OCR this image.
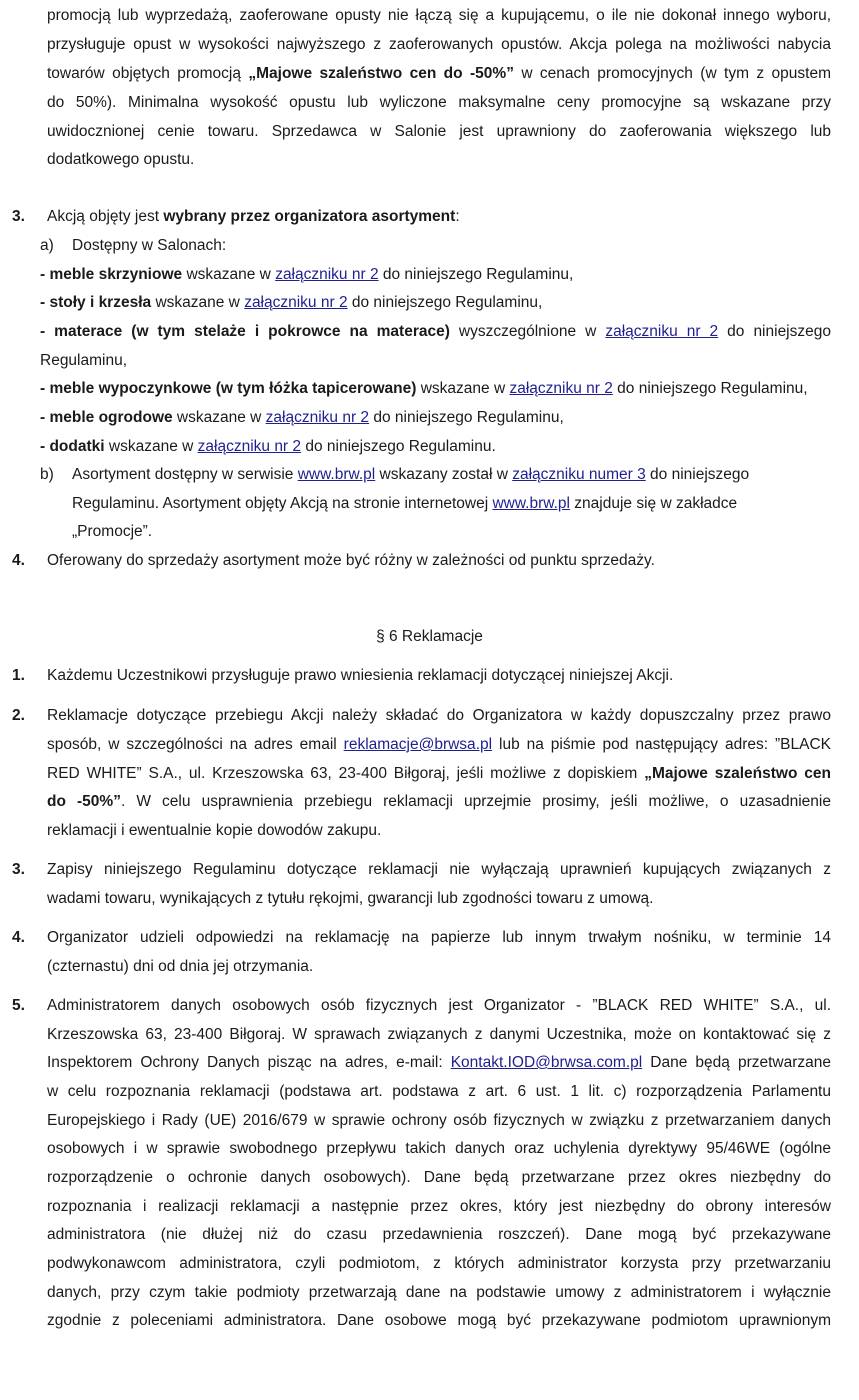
promocją lub wyprzedażą, zaoferowane opusty nie łączą się a kupującemu, o ile nie dokonał innego wyboru,
przysługuje opust w wysokości najwyższego z zaoferowanych opustów. Akcja polega na możliwości nabycia
towarów objętych promocją „Majowe szaleństwo cen do -50%” w cenach promocyjnych (w tym z opustem
do 50%). Minimalna wysokość opustu lub wyliczone maksymalne ceny promocyjne są wskazane przy
uwidocznionej cenie towaru. Sprzedawca w Salonie jest uprawniony do zaoferowania większego lub
dodatkowego opustu.
3.	Akcją objęty jest wybrany przez organizatora asortyment:
a) Dostępny w Salonach:
- meble skrzyniowe wskazane w załączniku nr 2 do niniejszego Regulaminu,
- stoły i krzesła wskazane w załączniku nr 2 do niniejszego Regulaminu,
- materace (w tym stelaże i pokrowce na materace) wyszczególnione w załączniku nr 2 do niniejszego
Regulaminu,
- meble wypoczynkowe (w tym łóżka tapicerowane) wskazane w załączniku nr 2 do niniejszego Regulaminu,
- meble ogrodowe wskazane w załączniku nr 2 do niniejszego Regulaminu,
- dodatki wskazane w załączniku nr 2 do niniejszego Regulaminu.
b) Asortyment dostępny w serwisie www.brw.pl wskazany został w załączniku numer 3 do niniejszego
Regulaminu. Asortyment objęty Akcją na stronie internetowej www.brw.pl znajduje się w zakładce
„Promocje”.
4.	Oferowany do sprzedaży asortyment może być różny w zależności od punktu sprzedaży.
§ 6 Reklamacje
1.	Każdemu Uczestnikowi przysługuje prawo wniesienia reklamacji dotyczącej niniejszej Akcji.
2.	Reklamacje dotyczące przebiegu Akcji należy składać do Organizatora w każdy dopuszczalny przez prawo
sposób, w szczególności na adres email reklamacje@brwsa.pl lub na piśmie pod następujący adres: ”BLACK
RED WHITE” S.A., ul. Krzeszowska 63, 23-400 Biłgoraj, jeśli możliwe z dopiskiem „Majowe szaleństwo cen
do -50%”. W celu usprawnienia przebiegu reklamacji uprzejmie prosimy, jeśli możliwe, o uzasadnienie
reklamacji i ewentualnie kopie dowodów zakupu.
3.	Zapisy niniejszego Regulaminu dotyczące reklamacji nie wyłączają uprawnień kupujących związanych z
wadami towaru, wynikających z tytułu rękojmi, gwarancji lub zgodności towaru z umową.
4.	Organizator udzieli odpowiedzi na reklamację na papierze lub innym trwałym nośniku, w terminie 14
(czternastu) dni od dnia jej otrzymania.
5.	Administratorem danych osobowych osób fizycznych jest Organizator - ”BLACK RED WHITE” S.A., ul.
Krzeszowska 63, 23-400 Biłgoraj. W sprawach związanych z danymi Uczestnika, może on kontaktować się z
Inspektorem Ochrony Danych pisząc na adres, e-mail: Kontakt.IOD@brwsa.com.pl Dane będą przetwarzane
w celu rozpoznania reklamacji (podstawa art. podstawa z art. 6 ust. 1 lit. c) rozporządzenia Parlamentu
Europejskiego i Rady (UE) 2016/679 w sprawie ochrony osób fizycznych w związku z przetwarzaniem danych
osobowych i w sprawie swobodnego przepływu takich danych oraz uchylenia dyrektywy 95/46WE (ogólne
rozporządzenie o ochronie danych osobowych). Dane będą przetwarzane przez okres niezbędny do
rozpoznania i realizacji reklamacji a następnie przez okres, który jest niezbędny do obrony interesów
administratora (nie dłużej niż do czasu przedawnienia roszczeń). Dane mogą być przekazywane
podwykonawcom administratora, czyli podmiotom, z których administrator korzysta przy przetwarzaniu
danych, przy czym takie podmioty przetwarzają dane na podstawie umowy z administratorem i wyłącznie
zgodnie z poleceniami administratora. Dane osobowe mogą być przekazywane podmiotom uprawnionym
